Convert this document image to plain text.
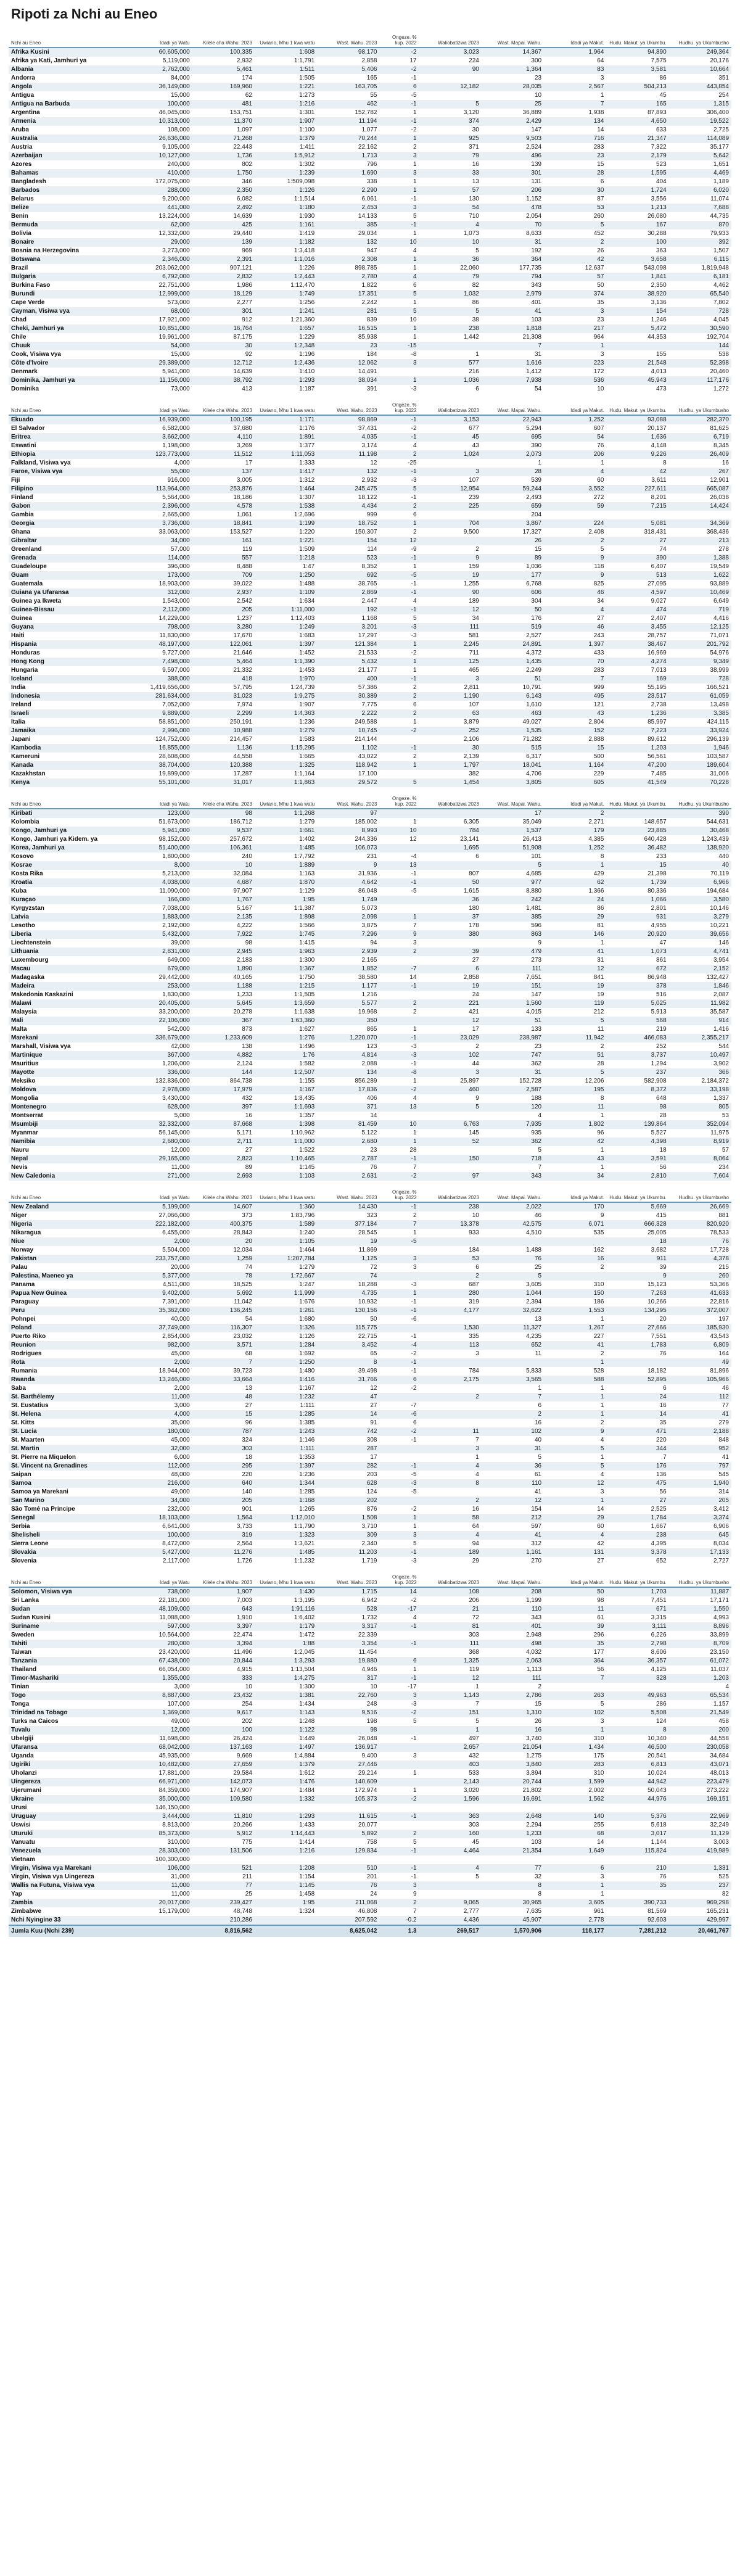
Ripoti za Nchi au Eneo
Nchi au Eneo	Idadi ya Watu	Kilele cha Wahu. 2023	Uwiano, Mhu 1 kwa watu	Wast. Wahu. 2023	Ongeze. % kup. 2022	Waliobatizwa 2023	Wast. Mapai. Wahu.	Idadi ya Makut.	Hudu. Makut. ya Ukumbu.	Hudhu. ya Ukumbusho
Afrika Kusini	60,605,000	100,335	1:608	98,170	-2	3,023	14,367	1,964	94,890	249,364
Afrika ya Kati, Jamhuri ya	5,119,000	2,932	1:1,791	2,858	17	224	300	64	7,575	20,176
Albania	2,762,000	5,461	1:511	5,406	-2	90	1,364	83	3,581	10,664
Andorra	84,000	174	1:505	165	-1		23	3	86	351
Angola	36,149,000	169,960	1:221	163,705	6	12,182	28,035	2,567	504,213	443,854
Antigua	15,000	62	1:273	55	-5		10	1	45	254
Antigua na Barbuda	100,000	481	1:216	462	-1	5	25	7	165	1,315
Argentina	46,045,000	153,751	1:301	152,782	1	3,120	36,889	1,938	87,893	306,400
Armenia	10,313,000	11,370	1:907	11,194	-1	374	2,429	134	4,650	19,522
Aruba	108,000	1,097	1:100	1,077	-2	30	147	14	633	2,725
Australia	26,636,000	71,268	1:379	70,244	1	925	9,503	716	21,347	114,089
Austria	9,105,000	22,443	1:411	22,162	2	371	2,524	283	7,322	35,177
Azerbaijan	10,127,000	1,736	1:5,912	1,713	3	79	496	23	2,179	5,642
Azores	240,000	802	1:302	796	1	16	139	15	523	1,651
Bahamas	410,000	1,750	1:239	1,690	3	33	301	28	1,595	4,469
Bangladesh	172,075,000	346	1:509,098	338	1	13	131	6	404	1,189
Barbados	288,000	2,350	1:126	2,290	1	57	206	30	1,724	6,020
Belarus	9,200,000	6,082	1:1,514	6,061	-1	130	1,152	87	3,556	11,074
Belize	441,000	2,492	1:180	2,453	3	54	478	53	1,213	7,688
Benin	13,224,000	14,639	1:930	14,133	5	710	2,054	260	26,080	44,735
Bermuda	62,000	425	1:161	385	-1	4	70	5	167	870
Bolivia	12,332,000	29,440	1:419	29,034	1	1,073	8,633	452	30,288	79,933
Bonaire	29,000	139	1:182	132	10	10	31	2	100	392
Bosnia na Herzegovina	3,273,000	969	1:3,418	947	4	5	192	26	363	1,507
Botswana	2,346,000	2,391	1:1,016	2,308	1	36	364	42	3,658	6,115
Brazil	203,062,000	907,121	1:226	898,785	1	22,060	177,735	12,637	543,098	1,819,948
Bulgaria	6,792,000	2,832	1:2,443	2,780	4	79	794	57	1,841	6,181
Burkina Faso	22,751,000	1,986	1:12,470	1,822	6	82	343	50	2,350	4,462
Burundi	12,999,000	18,129	1:749	17,351	5	1,032	2,979	374	38,920	65,540
Cape Verde	573,000	2,277	1:256	2,242	1	86	401	35	3,136	7,802
Cayman, Visiwa vya	68,000	301	1:241	281	5	5	41	3	154	728
Chad	17,921,000	912	1:21,360	839	10	38	103	23	1,246	4,045
Cheki, Jamhuri ya	10,851,000	16,764	1:657	16,515	1	238	1,818	217	5,472	30,590
Chile	19,961,000	87,175	1:229	85,938	1	1,442	21,308	964	44,353	192,704
Chuuk	54,000	30	1:2,348	23	-15		7	1		144
Cook, Visiwa vya	15,000	92	1:196	184	-8	1	31	3	155	538
Côte d'Ivoire	29,389,000	12,712	1:2,436	12,062	3	577	1,616	223	21,548	52,398
Denmark	5,941,000	14,639	1:410	14,491		216	1,412	172	4,013	20,460
Dominika, Jamhuri ya	11,156,000	38,792	1:293	38,034	1	1,036	7,938	536	45,943	117,176
Dominika	73,000	413	1:187	391	-3	6	54	10	473	1,272
Nchi au Eneo	Idadi ya Watu	Kilele cha Wahu. 2023	Uwiano, Mhu 1 kwa watu	Wast. Wahu. 2023	Ongeze. % kup. 2022	Waliobatizwa 2023	Wast. Mapai. Wahu.	Idadi ya Makut.	Hudu. Makut. ya Ukumbu.	Hudhu. ya Ukumbusho
Ekuado	16,939,000	100,195	1:171	98,869	-1	3,153	22,943	1,252	93,088	282,370
El Salvador	6,582,000	37,680	1:176	37,431	-2	677	5,294	607	20,137	81,625
Eritrea	3,662,000	4,110	1:891	4,035	-1	45	695	54	1,636	6,719
Eswatini	1,198,000	3,269	1:377	3,174	4	43	390	76	4,148	8,345
Ethiopia	123,773,000	11,512	1:11,053	11,198	2	1,024	2,073	206	9,226	26,409
Falkland, Visiwa vya	4,000	17	1:333	12	-25		1	1	8	16
Faroe, Visiwa vya	55,000	137	1:417	132	-1	3	28	4	42	267
Fiji	916,000	3,005	1:312	2,932	-3	107	539	60	3,611	12,901
Filipino	113,964,000	253,876	1:464	245,475	5	12,954	59,244	3,552	227,611	665,087
Finland	5,564,000	18,186	1:307	18,122	-1	239	2,493	272	8,201	26,038
Gabon	2,396,000	4,578	1:538	4,434	2	225	659	59	7,215	14,424
Gambia	2,665,000	1,061	1:2,696	999	6		204			
Georgia	3,736,000	18,841	1:199	18,752	1	704	3,867	224	5,081	34,369
Ghana	33,063,000	153,527	1:220	150,307	2	9,500	17,327	2,408	318,431	368,436
Gibraltar	34,000	161	1:221	154	12		26	2	27	213
Greenland	57,000	119	1:509	114	-9	2	15	5	74	278
Grenada	114,000	557	1:218	523	-1	9	89	9	390	1,388
Guadeloupe	396,000	8,488	1:47	8,352	1	159	1,036	118	6,407	19,549
Guam	173,000	709	1:250	692	-5	19	177	9	513	1,622
Guatemala	18,903,000	39,022	1:488	38,765	-1	1,255	6,768	825	27,095	93,889
Guiana ya Ufaransa	312,000	2,937	1:109	2,869	-1	90	606	46	4,597	10,469
Guinea ya Ikweta	1,543,000	2,542	1:634	2,447	4	189	304	34	9,027	6,649
Guinea-Bissau	2,112,000	205	1:11,000	192	-1	12	50	4	474	719
Guinea	14,229,000	1,237	1:12,403	1,168	5	34	176	27	2,407	4,416
Guyana	798,000	3,280	1:249	3,201	-3	111	519	46	3,455	12,125
Haiti	11,830,000	17,670	1:683	17,297	-3	581	2,527	243	28,757	71,071
Hispania	48,197,000	122,061	1:397	121,384	1	2,245	24,891	1,397	38,467	201,792
Honduras	9,727,000	21,646	1:452	21,533	-2	711	4,372	433	16,969	54,976
Hong Kong	7,498,000	5,464	1:1,390	5,432	1	125	1,435	70	4,274	9,349
Hungaria	9,597,000	21,332	1:453	21,177	1	465	2,249	283	7,013	38,999
Iceland	388,000	418	1:970	400	-1	3	51	7	169	728
India	1,419,656,000	57,795	1:24,739	57,386	2	2,811	10,791	999	55,195	166,521
Indonesia	281,634,000	31,023	1:9,275	30,389	2	1,190	6,143	495	23,517	61,059
Ireland	7,052,000	7,974	1:907	7,775	6	107	1,610	121	2,738	13,498
Israeli	9,889,000	2,299	1:4,363	2,222	2	63	463	43	1,236	3,385
Italia	58,851,000	250,191	1:236	249,588	1	3,879	49,027	2,804	85,997	424,115
Jamaika	2,996,000	10,988	1:279	10,745	-2	252	1,535	152	7,223	33,924
Japani	124,752,000	214,457	1:583	214,144		2,106	71,282	2,888	89,612	296,139
Kambodia	16,855,000	1,136	1:15,295	1,102	-1	30	515	15	1,203	1,946
Kameruni	28,608,000	44,558	1:665	43,022	2	2,139	6,317	500	56,561	103,587
Kanada	38,704,000	120,388	1:325	118,942	1	1,797	18,041	1,164	47,200	189,604
Kazakhstan	19,899,000	17,287	1:1,164	17,100		382	4,706	229	7,485	31,006
Kenya	55,101,000	31,017	1:1,863	29,572	5	1,454	3,805	605	41,549	70,228
Nchi au Eneo	Idadi ya Watu	Kilele cha Wahu. 2023	Uwiano, Mhu 1 kwa watu	Wast. Wahu. 2023	Ongeze. % kup. 2022	Waliobatizwa 2023	Wast. Mapai. Wahu.	Idadi ya Makut.	Hudu. Makut. ya Ukumbu.	Hudhu. ya Ukumbusho
Kiribati	123,000	98	1:1,268	97			17	2		390
Kolombia	51,673,000	186,712	1:279	185,002	1	6,305	35,049	2,271	148,657	544,631
Kongo, Jamhuri ya	5,941,000	9,537	1:661	8,993	10	784	1,537	179	23,885	30,468
Kongo, Jamhuri ya Kidem. ya	98,152,000	257,672	1:402	244,336	12	23,141	26,413	4,385	640,428	1,243,439
Korea, Jamhuri ya	51,400,000	106,361	1:485	106,073		1,695	51,908	1,252	36,482	138,920
Kosovo	1,800,000	240	1:7,792	231	-4	6	101	8	233	440
Kosrae	8,000	10	1:889	9	13		5	1	15	40
Kosta Rika	5,213,000	32,084	1:163	31,936	-1	807	4,685	429	21,398	70,119
Kroatia	4,038,000	4,687	1:870	4,642	-1	50	977	62	1,739	6,966
Kuba	11,090,000	97,907	1:129	86,048	-5	1,615	8,880	1,366	80,336	194,684
Kuraçao	166,000	1,767	1:95	1,749		36	242	24	1,066	3,580
Kyrgyzstan	7,038,000	5,167	1:1,387	5,073		180	1,481	86	2,801	10,146
Latvia	1,883,000	2,135	1:898	2,098	1	37	385	29	931	3,279
Lesotho	2,192,000	4,222	1:566	3,875	7	178	596	81	4,955	10,221
Liberia	5,432,000	7,922	1:745	7,296	9	380	863	146	20,920	39,656
Liechtenstein	39,000	98	1:415	94	3		9	1	47	146
Lithuania	2,831,000	2,945	1:963	2,939	2	39	479	41	1,073	4,741
Luxembourg	649,000	2,183	1:300	2,165		27	273	31	861	3,954
Macau	679,000	1,890	1:367	1,852	-7	6	111	12	672	2,152
Madagaska	29,442,000	40,165	1:750	38,580	14	2,858	7,651	841	86,948	132,427
Madeira	253,000	1,188	1:215	1,177	-1	19	151	19	378	1,846
Makedonia Kaskazini	1,830,000	1,233	1:1,505	1,216		24	147	19	516	2,087
Malawi	20,405,000	5,645	1:3,659	5,577	2	221	1,560	119	5,025	11,982
Malaysia	33,200,000	20,278	1:1,638	19,968	2	421	4,015	212	5,913	35,587
Mali	22,106,000	367	1:63,360	350		12	51	5	568	914
Malta	542,000	873	1:627	865	1	17	133	11	219	1,416
Marekani	336,679,000	1,233,609	1:276	1,220,070	-1	23,029	238,987	11,942	466,083	2,355,217
Marshall, Visiwa vya	42,000	138	1:496	123	-3	2	23	2	252	544
Martinique	367,000	4,882	1:76	4,814	-3	102	747	51	3,737	10,497
Mauritius	1,206,000	2,124	1:582	2,088	-1	44	362	28	1,294	3,902
Mayotte	336,000	144	1:2,507	134	-8	3	31	5	237	366
Meksiko	132,836,000	864,738	1:155	856,289	1	25,897	152,728	12,206	582,908	2,184,372
Moldova	2,978,000	17,979	1:167	17,836	-2	460	2,587	195	8,372	33,198
Mongolia	3,430,000	432	1:8,435	406	4	9	188	8	648	1,337
Montenegro	628,000	397	1:1,693	371	13	5	120	11	98	805
Montserrat	5,000	16	1:357	14			4	1	28	53
Msumbiji	32,332,000	87,668	1:398	81,459	10	6,763	7,935	1,802	139,864	352,094
Myanmar	56,145,000	5,171	1:10,962	5,122	1	145	935	96	5,527	11,975
Namibia	2,680,000	2,711	1:1,000	2,680	1	52	362	42	4,398	8,919
Nauru	12,000	27	1:522	23	28		5	1	18	57
Nepal	29,165,000	2,823	1:10,465	2,787	-1	150	718	43	3,591	8,064
Nevis	11,000	89	1:145	76	7		7	1	56	234
New Caledonia	271,000	2,693	1:103	2,631	-2	97	343	34	2,810	7,604
Nchi au Eneo	Idadi ya Watu	Kilele cha Wahu. 2023	Uwiano, Mhu 1 kwa watu	Wast. Wahu. 2023	Ongeze. % kup. 2022	Waliobatizwa 2023	Wast. Mapai. Wahu.	Idadi ya Makut.	Hudu. Makut. ya Ukumbu.	Hudhu. ya Ukumbusho
New Zealand	5,199,000	14,607	1:360	14,430	-1	238	2,022	170	5,669	26,669
Niger	27,066,000	373	1:83,796	323	2	10	46	9	415	881
Nigeria	222,182,000	400,375	1:589	377,184	7	13,378	42,575	6,071	666,328	820,920
Nikaragua	6,455,000	28,843	1:240	28,545	1	933	4,510	535	25,005	78,533
Niue	2,000	20	1:105	19	-5				18	76
Norway	5,504,000	12,034	1:464	11,869		184	1,488	162	3,682	17,728
Pakistan	233,757,000	1,259	1:207,784	1,125	3	53	76	16	911	4,378
Palau	20,000	74	1:279	72	3	6	25	2	39	215
Palestina, Maeneo ya	5,377,000	78	1:72,667	74		2	5		9	260
Panama	4,511,000	18,525	1:247	18,288	-3	687	3,605	310	15,123	53,366
Papua New Guinea	9,402,000	5,692	1:1,999	4,735	1	280	1,044	150	7,263	41,633
Paraguay	7,391,000	11,042	1:676	10,932	-1	319	2,394	186	10,266	22,816
Peru	35,362,000	136,245	1:261	130,156	-1	4,177	32,622	1,553	134,295	372,007
Pohnpei	40,000	54	1:680	50	-6		13	1	20	197
Poland	37,749,000	116,307	1:326	115,775		1,530	11,327	1,267	27,666	185,930
Puerto Riko	2,854,000	23,032	1:126	22,715	-1	335	4,235	227	7,551	43,543
Reunion	982,000	3,571	1:284	3,452	-4	113	652	41	1,783	6,809
Rodrigues	45,000	68	1:692	65	-2	3	11	2	76	164
Rota	2,000	7	1:250	8	-1			1		49
Rumania	18,944,000	39,723	1:480	39,498	-1	784	5,833	528	18,182	81,896
Rwanda	13,246,000	33,664	1:416	31,766	6	2,175	3,565	588	52,895	105,966
Saba	2,000	13	1:167	12	-2		1	1	6	46
St. Barthélemy	11,000	48	1:232	47		2	7	1	24	112
St. Eustatius	3,000	27	1:111	27	-7		6	1	16	77
St. Helena	4,000	15	1:285	14	-6		2	1	14	41
St. Kitts	35,000	96	1:385	91	6		16	2	35	279
St. Lucia	180,000	787	1:243	742	-2	11	102	9	471	2,188
St. Maarten	45,000	324	1:146	308	-1	7	40	4	220	848
St. Martin	32,000	303	1:111	287		3	31	5	344	952
St. Pierre na Miquelon	6,000	18	1:353	17		1	5	1	7	41
St. Vincent na Grenadines	112,000	295	1:397	282	-1	4	36	5	176	797
Saipan	48,000	220	1:236	203	-5	4	61	4	136	545
Samoa	216,000	640	1:344	628	-3	8	110	12	475	1,940
Samoa ya Marekani	49,000	140	1:285	124	-5		41	3	56	314
San Marino	34,000	205	1:168	202		2	12	1	27	205
São Tomé na Principe	232,000	901	1:265	876	-2	16	154	14	2,525	3,412
Senegal	18,103,000	1,564	1:12,010	1,508	1	58	212	29	1,784	3,374
Serbia	6,641,000	3,733	1:1,790	3,710	1	64	597	60	1,667	6,906
Shelisheli	100,000	319	1:323	309	3	4	41	4	238	645
Sierra Leone	8,472,000	2,564	1:3,621	2,340	5	94	312	42	4,395	8,034
Slovakia	5,427,000	11,276	1:485	11,203	-1	189	1,161	131	3,378	17,133
Slovenia	2,117,000	1,726	1:1,232	1,719	-3	29	270	27	652	2,727
Nchi au Eneo	Idadi ya Watu	Kilele cha Wahu. 2023	Uwiano, Mhu 1 kwa watu	Wast. Wahu. 2023	Ongeze. % kup. 2022	Waliobatizwa 2023	Wast. Mapai. Wahu.	Idadi ya Makut.	Hudu. Makut. ya Ukumbu.	Hudhu. ya Ukumbusho
Solomon, Visiwa vya	738,000	1,907	1:430	1,715	14	108	208	50	1,703	11,887
Sri Lanka	22,181,000	7,003	1:3,195	6,942	-2	206	1,199	98	7,451	17,171
Sudan	48,109,000	643	1:91,116	528	-17	21	110	11	671	1,550
Sudan Kusini	11,088,000	1,910	1:6,402	1,732	4	72	343	61	3,315	4,993
Suriname	597,000	3,397	1:179	3,317	-1	81	401	39	3,111	8,896
Sweden	10,564,000	22,474	1:472	22,339		303	2,948	296	6,226	33,899
Tahiti	280,000	3,394	1:88	3,354	-1	111	498	35	2,798	8,709
Taiwan	23,420,000	11,496	1:2,045	11,454		368	4,032	177	8,606	23,150
Tanzania	67,438,000	20,844	1:3,293	19,880	6	1,325	2,063	364	36,357	61,072
Thailand	66,054,000	4,915	1:13,504	4,946	1	119	1,113	56	4,125	11,037
Timor-Mashariki	1,355,000	333	1:4,275	317	-1	12	111	7	328	1,203
Tinian	3,000	10	1:300	10	-17	1	2			4
Togo	8,887,000	23,432	1:381	22,760	3	1,143	2,786	263	49,963	65,534
Tonga	107,000	254	1:434	248	-3	7	15	5	286	1,157
Trinidad na Tobago	1,369,000	9,617	1:143	9,516	-2	151	1,310	102	5,508	21,549
Turks na Caicos	49,000	202	1:248	198	5	5	26	3	124	458
Tuvalu	12,000	100	1:122	98		1	16	1	8	200
Ubelgiji	11,698,000	26,424	1:449	26,048	-1	497	3,740	310	10,340	44,558
Ufaransa	68,042,000	137,163	1:497	136,917		2,657	21,054	1,434	46,500	230,058
Uganda	45,935,000	9,669	1:4,884	9,400	3	432	1,275	175	20,541	34,684
Ugiriki	10,482,000	27,659	1:379	27,446		403	3,840	283	6,813	43,071
Uholanzi	17,881,000	29,584	1:612	29,214	1	533	3,894	310	10,024	48,013
Uingereza	66,971,000	142,073	1:476	140,609		2,143	20,744	1,599	44,942	223,479
Ujerumani	84,359,000	174,907	1:484	172,974	1	3,020	21,802	2,002	50,043	273,222
Ukraine	35,000,000	109,580	1:332	105,373	-2	1,596	16,691	1,562	44,976	169,151
Urusi	146,150,000									
Uruguay	3,444,000	11,810	1:293	11,615	-1	363	2,648	140	5,376	22,969
Uswisi	8,813,000	20,266	1:433	20,077		303	2,294	255	5,618	32,249
Uturuki	85,373,000	5,912	1:14,443	5,892	2	160	1,233	68	3,017	11,129
Vanuatu	310,000	775	1:414	758	5	45	103	14	1,144	3,003
Venezuela	28,303,000	131,506	1:216	129,834	-1	4,464	21,354	1,649	115,824	419,989
Vietnam	100,300,000									
Virgin, Visiwa vya Marekani	106,000	521	1:208	510	-1	4	77	6	210	1,331
Virgin, Visiwa vya Uingereza	31,000	211	1:154	201	-1	5	32	3	76	525
Wallis na Futuna, Visiwa vya	11,000	77	1:145	76	3		8	1	35	237
Yap	11,000	25	1:458	24	9		8	1		82
Zambia	20,017,000	239,427	1:95	211,068	2	9,065	30,965	3,605	390,733	969,298
Zimbabwe	15,179,000	48,748	1:324	46,808	7	2,777	7,635	961	81,569	165,231
Nchi Nyingine 33		210,286		207,592	-0.2	4,436	45,907	2,778	92,603	429,997
Jumla Kuu (Nchi 239)		8,816,562		8,625,042	1.3	269,517	1,570,906	118,177	7,281,212	20,461,767
